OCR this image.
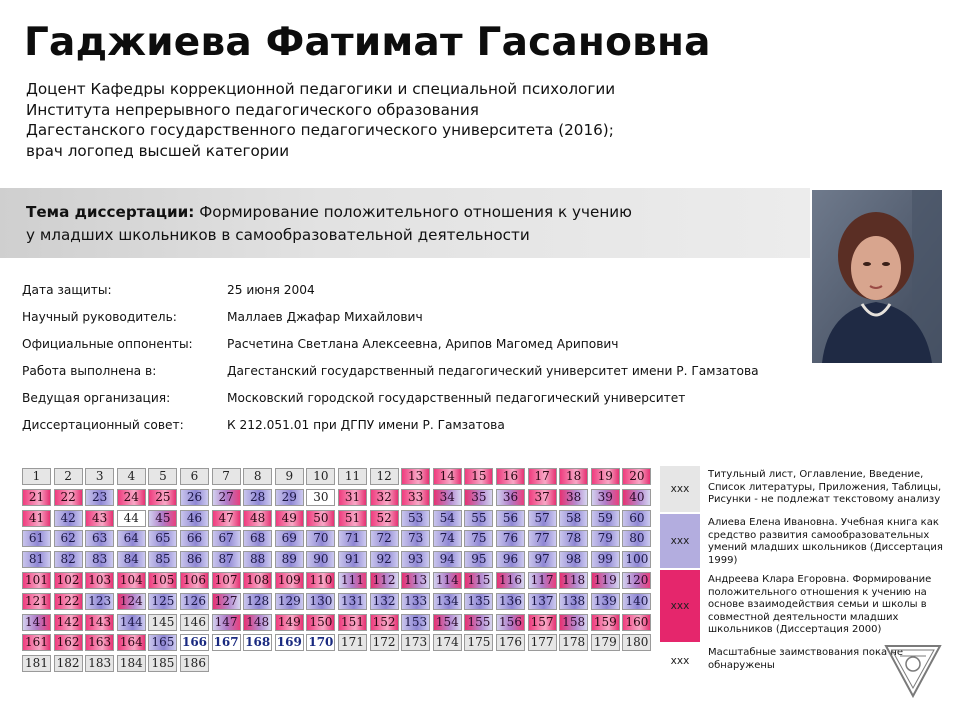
Гаджиева Фатимат Гасановна
Доцент Кафедры коррекционной педагогики и специальной психологии
Института непрерывного педагогического образования
Дагестанского государственного педагогического университета (2016);
врач логопед высшей категории
Тема диссертации: Формирование положительного отношения к учению
у младших школьников в самообразовательной деятельности
Дата защиты:	25 июня 2004
Научный руководитель:	Маллаев Джафар Михайлович
Официальные оппоненты:	Расчетина Светлана Алексеевна, Арипов Магомед Арипович
Работа выполнена в:	Дагестанский государственный педагогический университет имени Р. Гамзатова
Ведущая организация:	Московский городской государственный педагогический университет
Диссертационный совет:	К 212.051.01 при ДГПУ имени Р. Гамзатова
1	2	3	4	5	6	7	8	9	10	11	12	13	14	15	16	17	18	19	20
21	22	23	24	25	26	27	28	29	30	31	32	33	34	35	36	37	38	39	40
41	42	43	44	45	46	47	48	49	50	51	52	53	54	55	56	57	58	59	60
61	62	63	64	65	66	67	68	69	70	71	72	73	74	75	76	77	78	79	80
81	82	83	84	85	86	87	88	89	90	91	92	93	94	95	96	97	98	99	100
101 102 103 104 105 106 107 108 109 110 111 112 113 114 115 116 117 118 119 120
121 122 123 124 125 126 127 128 129 130 131 132 133 134 135 136 137 138 139 140
141 142 143 144 145 146 147 148 149 150 151 152 153 154 155 156 157 158 159 160
161 162 163 164 165 166 167 168 169 170 171 172 173 174 175 176 177 178 179 180
181 182 183 184 185 186
xxx
Титульный лист, Оглавление, Введение, Список литературы, Приложения, Таблицы, Рисунки - не подлежат текстовому анализу
xxx
Алиева Елена Ивановна. Учебная книга как средство развития самообразовательных умений младших школьников (Диссертация 1999)
xxx
Андреева Клара Егоровна. Формирование положительного отношения к учению на основе взаимодействия семьи и школы в совместной деятельности младших школьников (Диссертация 2000)
xxx
Масштабные заимствования пока не обнаружены
